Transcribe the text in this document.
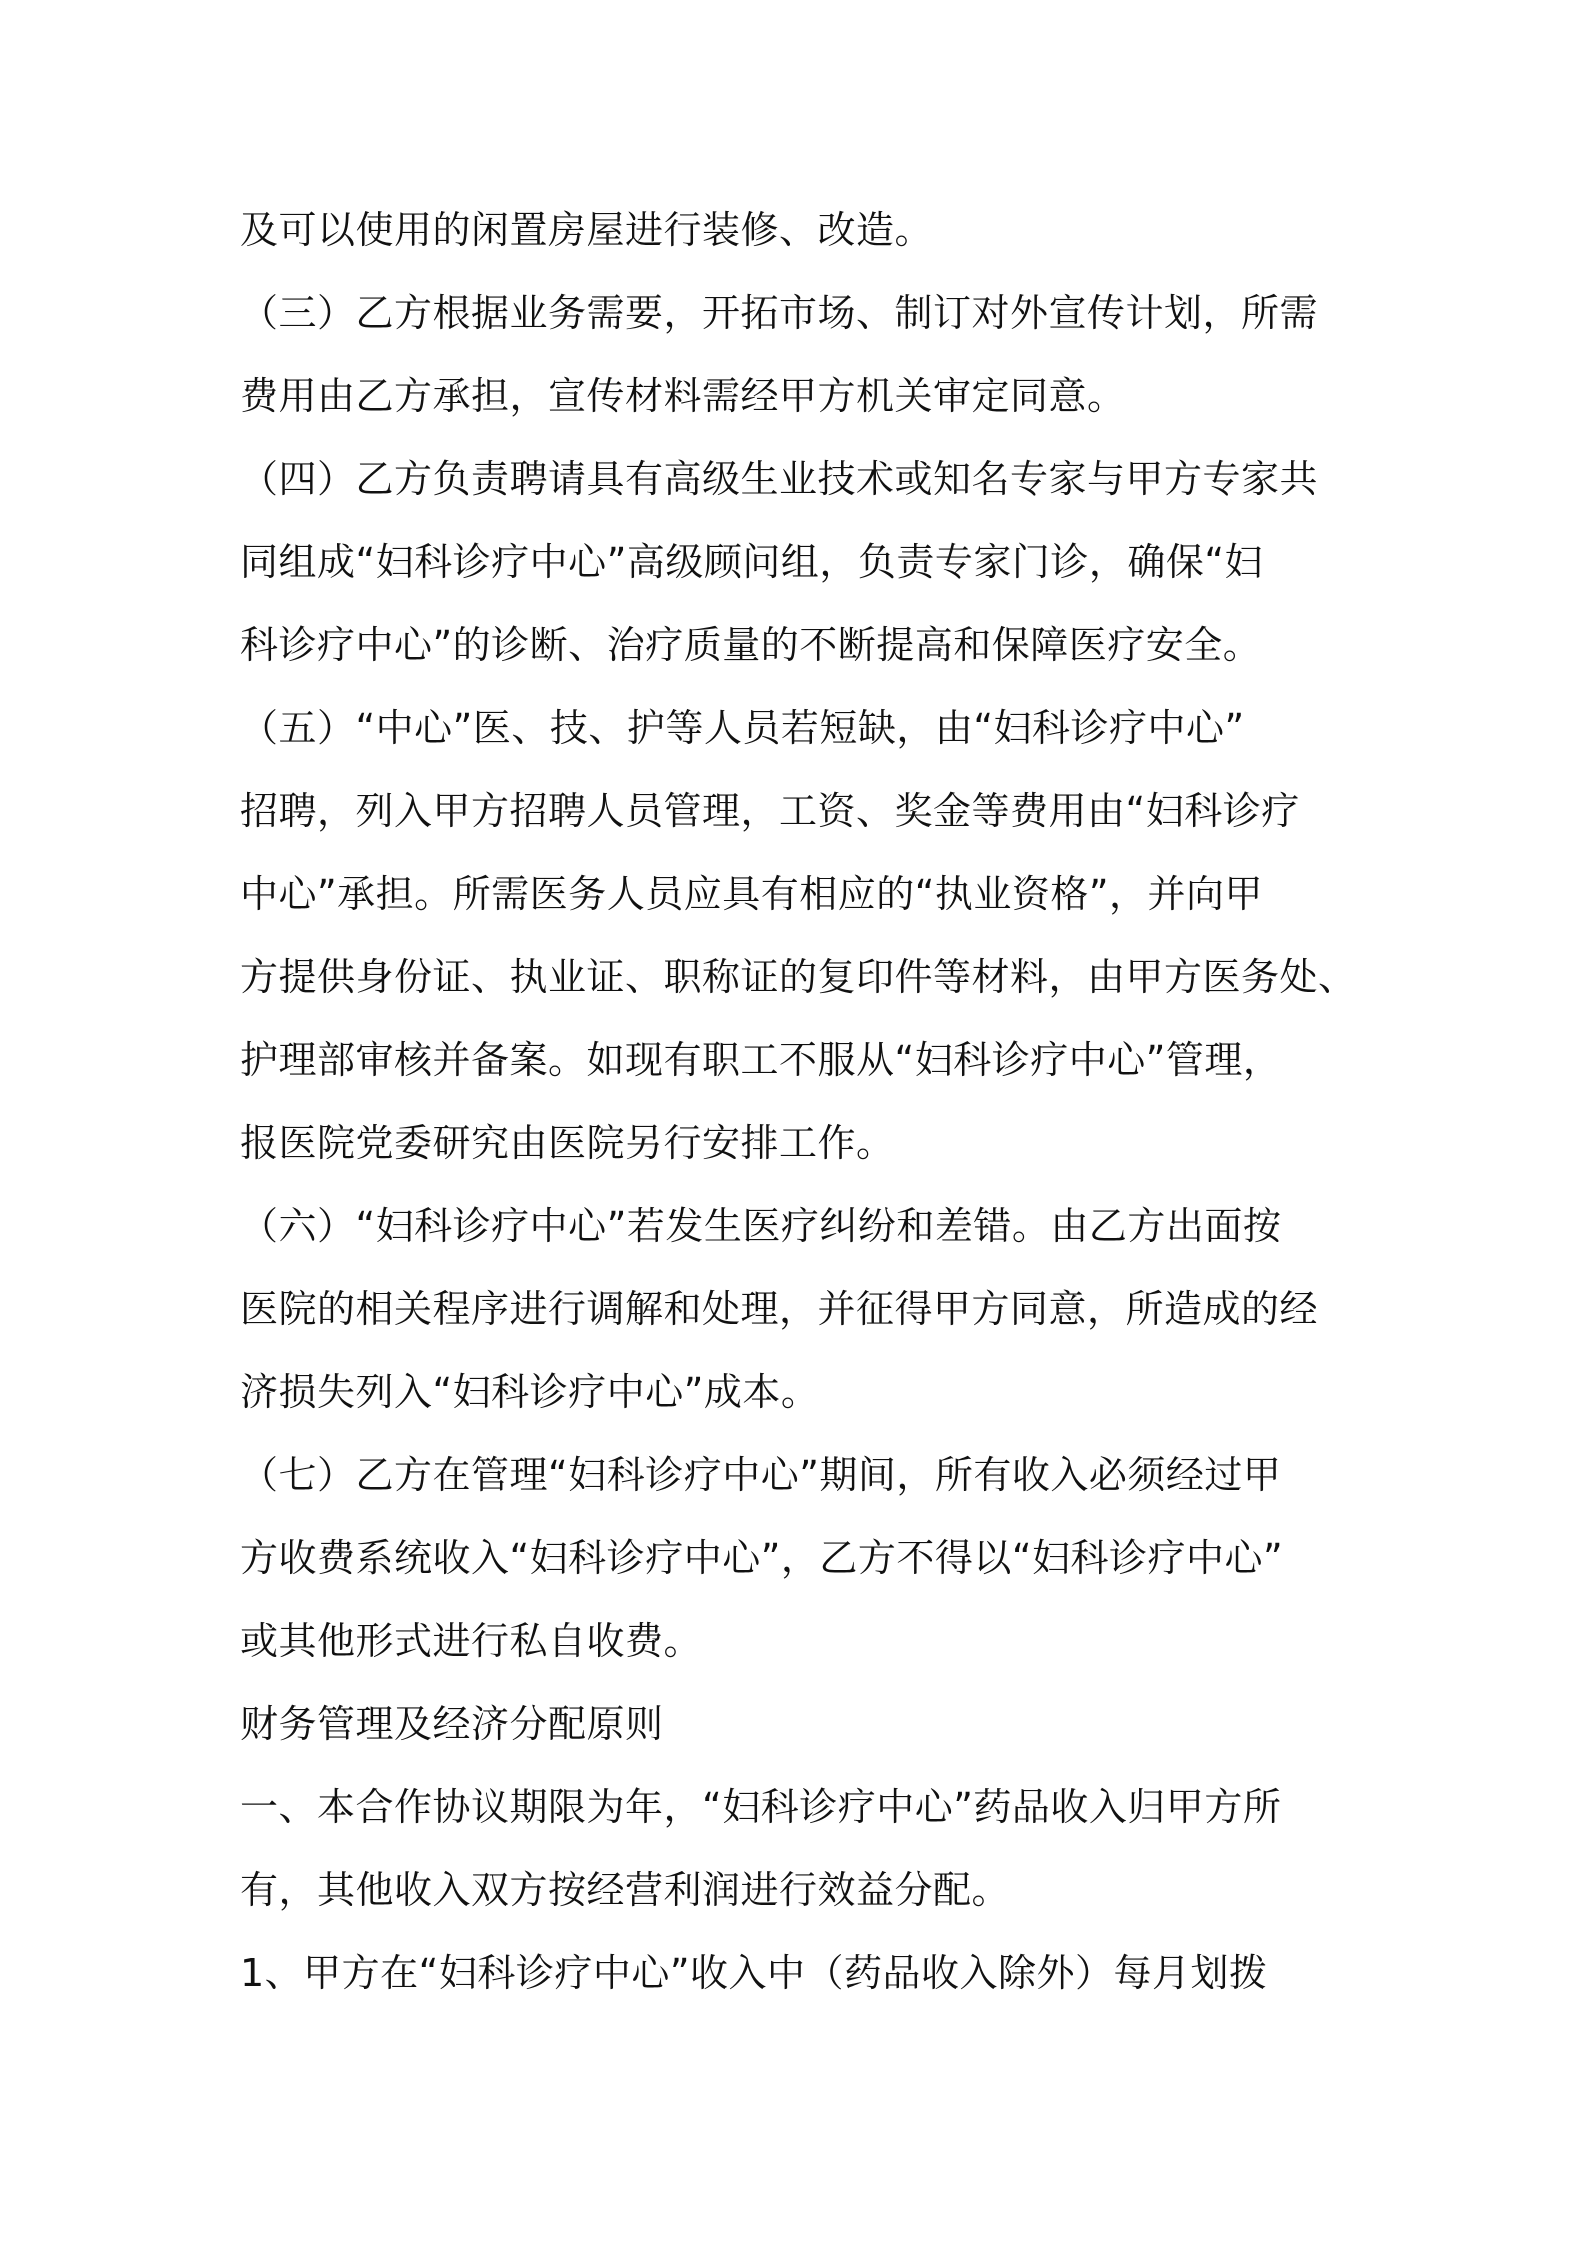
及可以使用的闲置房屋进行装修、改造。
（三）乙方根据业务需要，开拓市场、制订对外宣传计划，所需
费用由乙方承担，宣传材料需经甲方机关审定同意。
（四）乙方负责聘请具有高级生业技术或知名专家与甲方专家共
同组成“妇科诊疗中心”高级顾问组，负责专家门诊，确保“妇
科诊疗中心”的诊断、治疗质量的不断提高和保障医疗安全。
（五）“中心”医、技、护等人员若短缺，由“妇科诊疗中心”
招聘，列入甲方招聘人员管理，工资、奖金等费用由“妇科诊疗
中心”承担。所需医务人员应具有相应的“执业资格”，并向甲
方提供身份证、执业证、职称证的复印件等材料，由甲方医务处、
护理部审核并备案。如现有职工不服从“妇科诊疗中心”管理，
报医院党委研究由医院另行安排工作。
（六）“妇科诊疗中心”若发生医疗纠纷和差错。由乙方出面按
医院的相关程序进行调解和处理，并征得甲方同意，所造成的经
济损失列入“妇科诊疗中心”成本。
（七）乙方在管理“妇科诊疗中心”期间，所有收入必须经过甲
方收费系统收入“妇科诊疗中心”，乙方不得以“妇科诊疗中心”
或其他形式进行私自收费。
财务管理及经济分配原则
一、本合作协议期限为年，“妇科诊疗中心”药品收入归甲方所
有，其他收入双方按经营利润进行效益分配。
1、甲方在“妇科诊疗中心”收入中（药品收入除外）每月划拨
